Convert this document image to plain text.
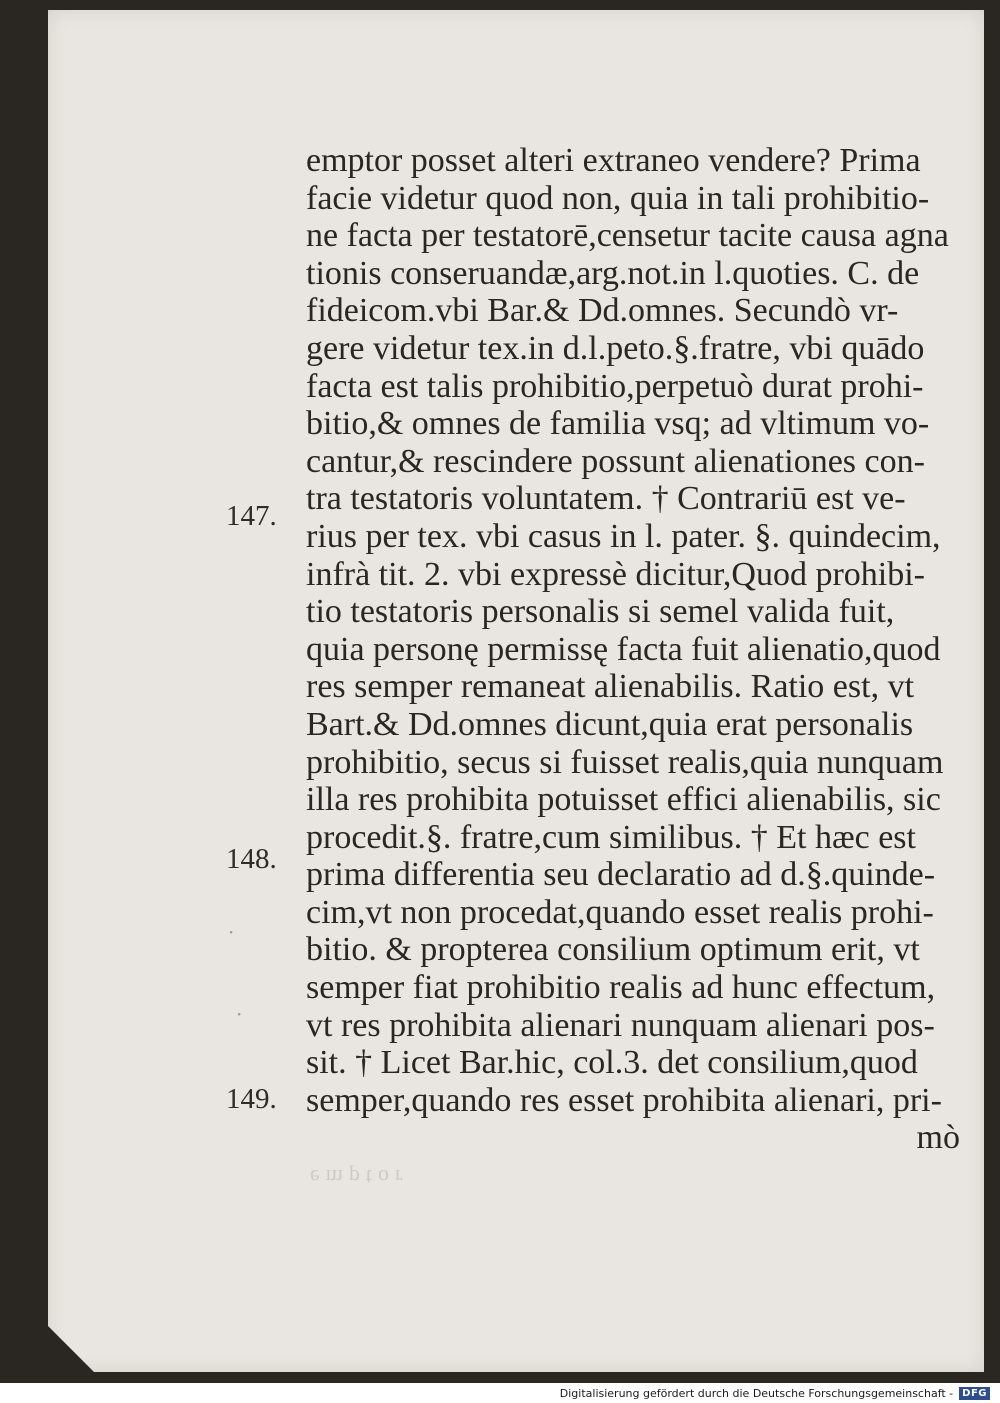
emptor posset alteri extraneo vendere? Prima
facie videtur quod non, quia in tali prohibitio-
ne facta per testatorē,censetur tacite causa agna
tionis conseruandæ,arg.not.in l.quoties. C. de
fideicom.vbi Bar.& Dd.omnes. Secundò vr-
gere videtur tex.in d.l.peto.§.fratre, vbi quādo
facta est talis prohibitio,perpetuò durat prohi-
bitio,& omnes de familia vsq; ad vltimum vo-
cantur,& rescindere possunt alienationes con-
tra testatoris voluntatem. † Contrariū est ve-
rius per tex. vbi casus in l. pater. §. quindecim,
infrà tit. 2. vbi expressè dicitur,Quod prohibi-
tio testatoris personalis si semel valida fuit,
quia personę permissę facta fuit alienatio,quod
res semper remaneat alienabilis. Ratio est, vt
Bart.& Dd.omnes dicunt,quia erat personalis
prohibitio, secus si fuisset realis,quia nunquam
illa res prohibita potuisset effici alienabilis, sic
procedit.§. fratre,cum similibus. † Et hæc est
prima differentia seu declaratio ad d.§.quinde-
cim,vt non procedat,quando esset realis prohi-
bitio. & propterea consilium optimum erit, vt
semper fiat prohibitio realis ad hunc effectum,
vt res prohibita alienari nunquam alienari pos-
sit. † Licet Bar.hic, col.3. det consilium,quod
semper,quando res esset prohibita alienari, pri-
mò
147.
148.
149.
emptor
·
·
Digitalisierung gefördert durch die Deutsche Forschungsgemeinschaft - DFG
